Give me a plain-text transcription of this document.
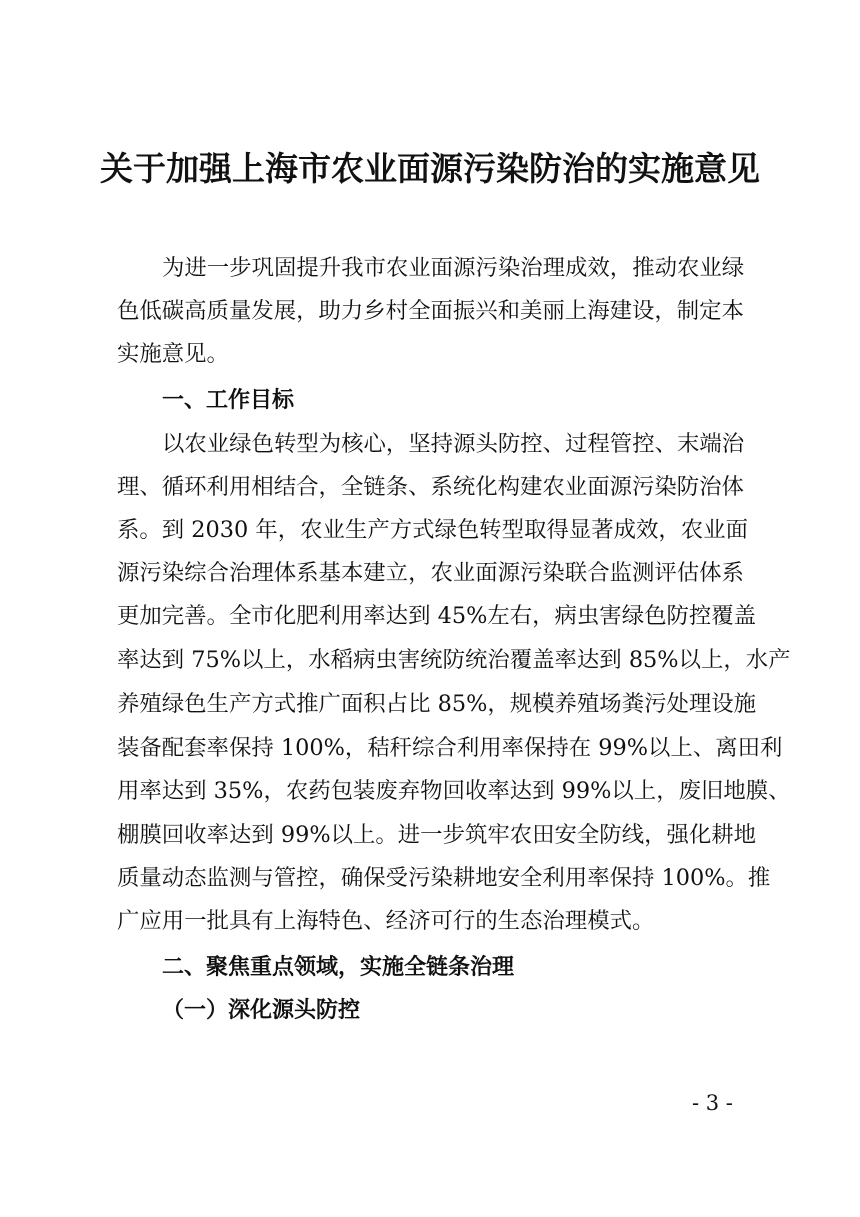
关于加强上海市农业面源污染防治的实施意见
为进一步巩固提升我市农业面源污染治理成效，推动农业绿
色低碳高质量发展，助力乡村全面振兴和美丽上海建设，制定本
实施意见。
一、工作目标
以农业绿色转型为核心，坚持源头防控、过程管控、末端治
理、循环利用相结合，全链条、系统化构建农业面源污染防治体
系。到 2030 年，农业生产方式绿色转型取得显著成效，农业面
源污染综合治理体系基本建立，农业面源污染联合监测评估体系
更加完善。全市化肥利用率达到 45%左右，病虫害绿色防控覆盖
率达到 75%以上，水稻病虫害统防统治覆盖率达到 85%以上，水产
养殖绿色生产方式推广面积占比 85%，规模养殖场粪污处理设施
装备配套率保持 100%，秸秆综合利用率保持在 99%以上、离田利
用率达到 35%，农药包装废弃物回收率达到 99%以上，废旧地膜、
棚膜回收率达到 99%以上。进一步筑牢农田安全防线，强化耕地
质量动态监测与管控，确保受污染耕地安全利用率保持 100%。推
广应用一批具有上海特色、经济可行的生态治理模式。
二、聚焦重点领域，实施全链条治理
（一）深化源头防控
- 3 -
